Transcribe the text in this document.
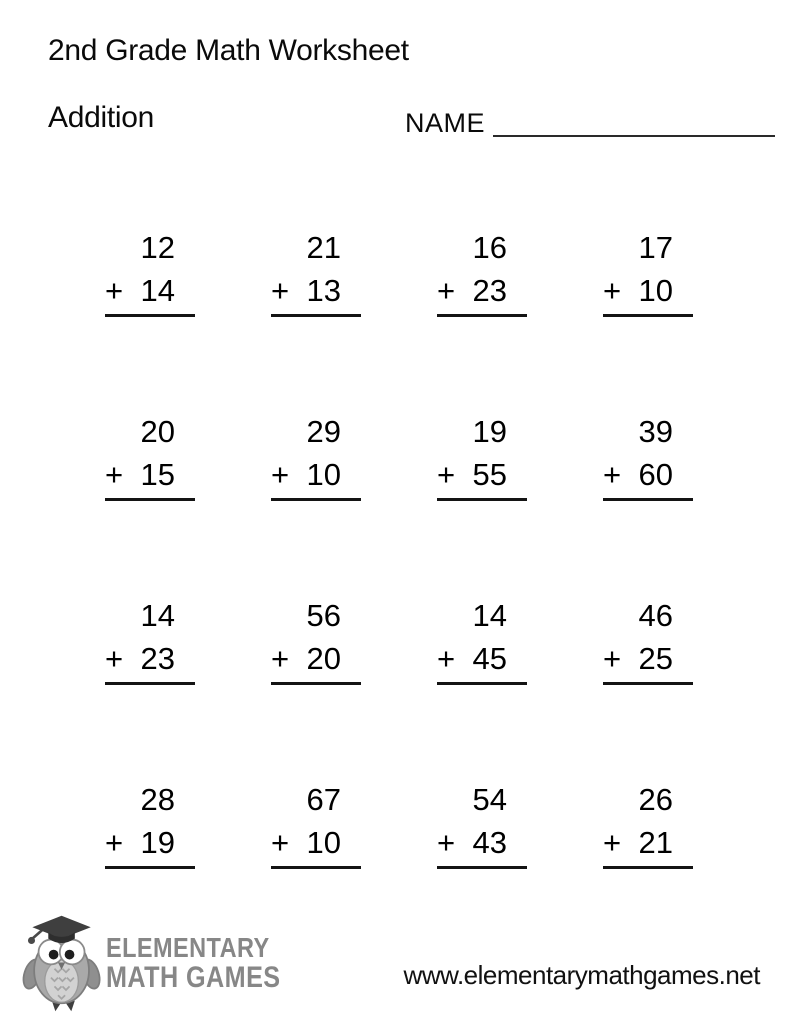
2nd Grade Math Worksheet
Addition	NAME
12
+ 14
21
+ 13
16
+ 23
17
+ 10
20
+ 15
29
+ 10
19
+ 55
39
+ 60
14
+ 23
56
+ 20
14
+ 45
46
+ 25
28
+ 19
67
+ 10
54
+ 43
26
+ 21
ELEMENTARY
MATH GAMES	www.elementarymathgames.net
